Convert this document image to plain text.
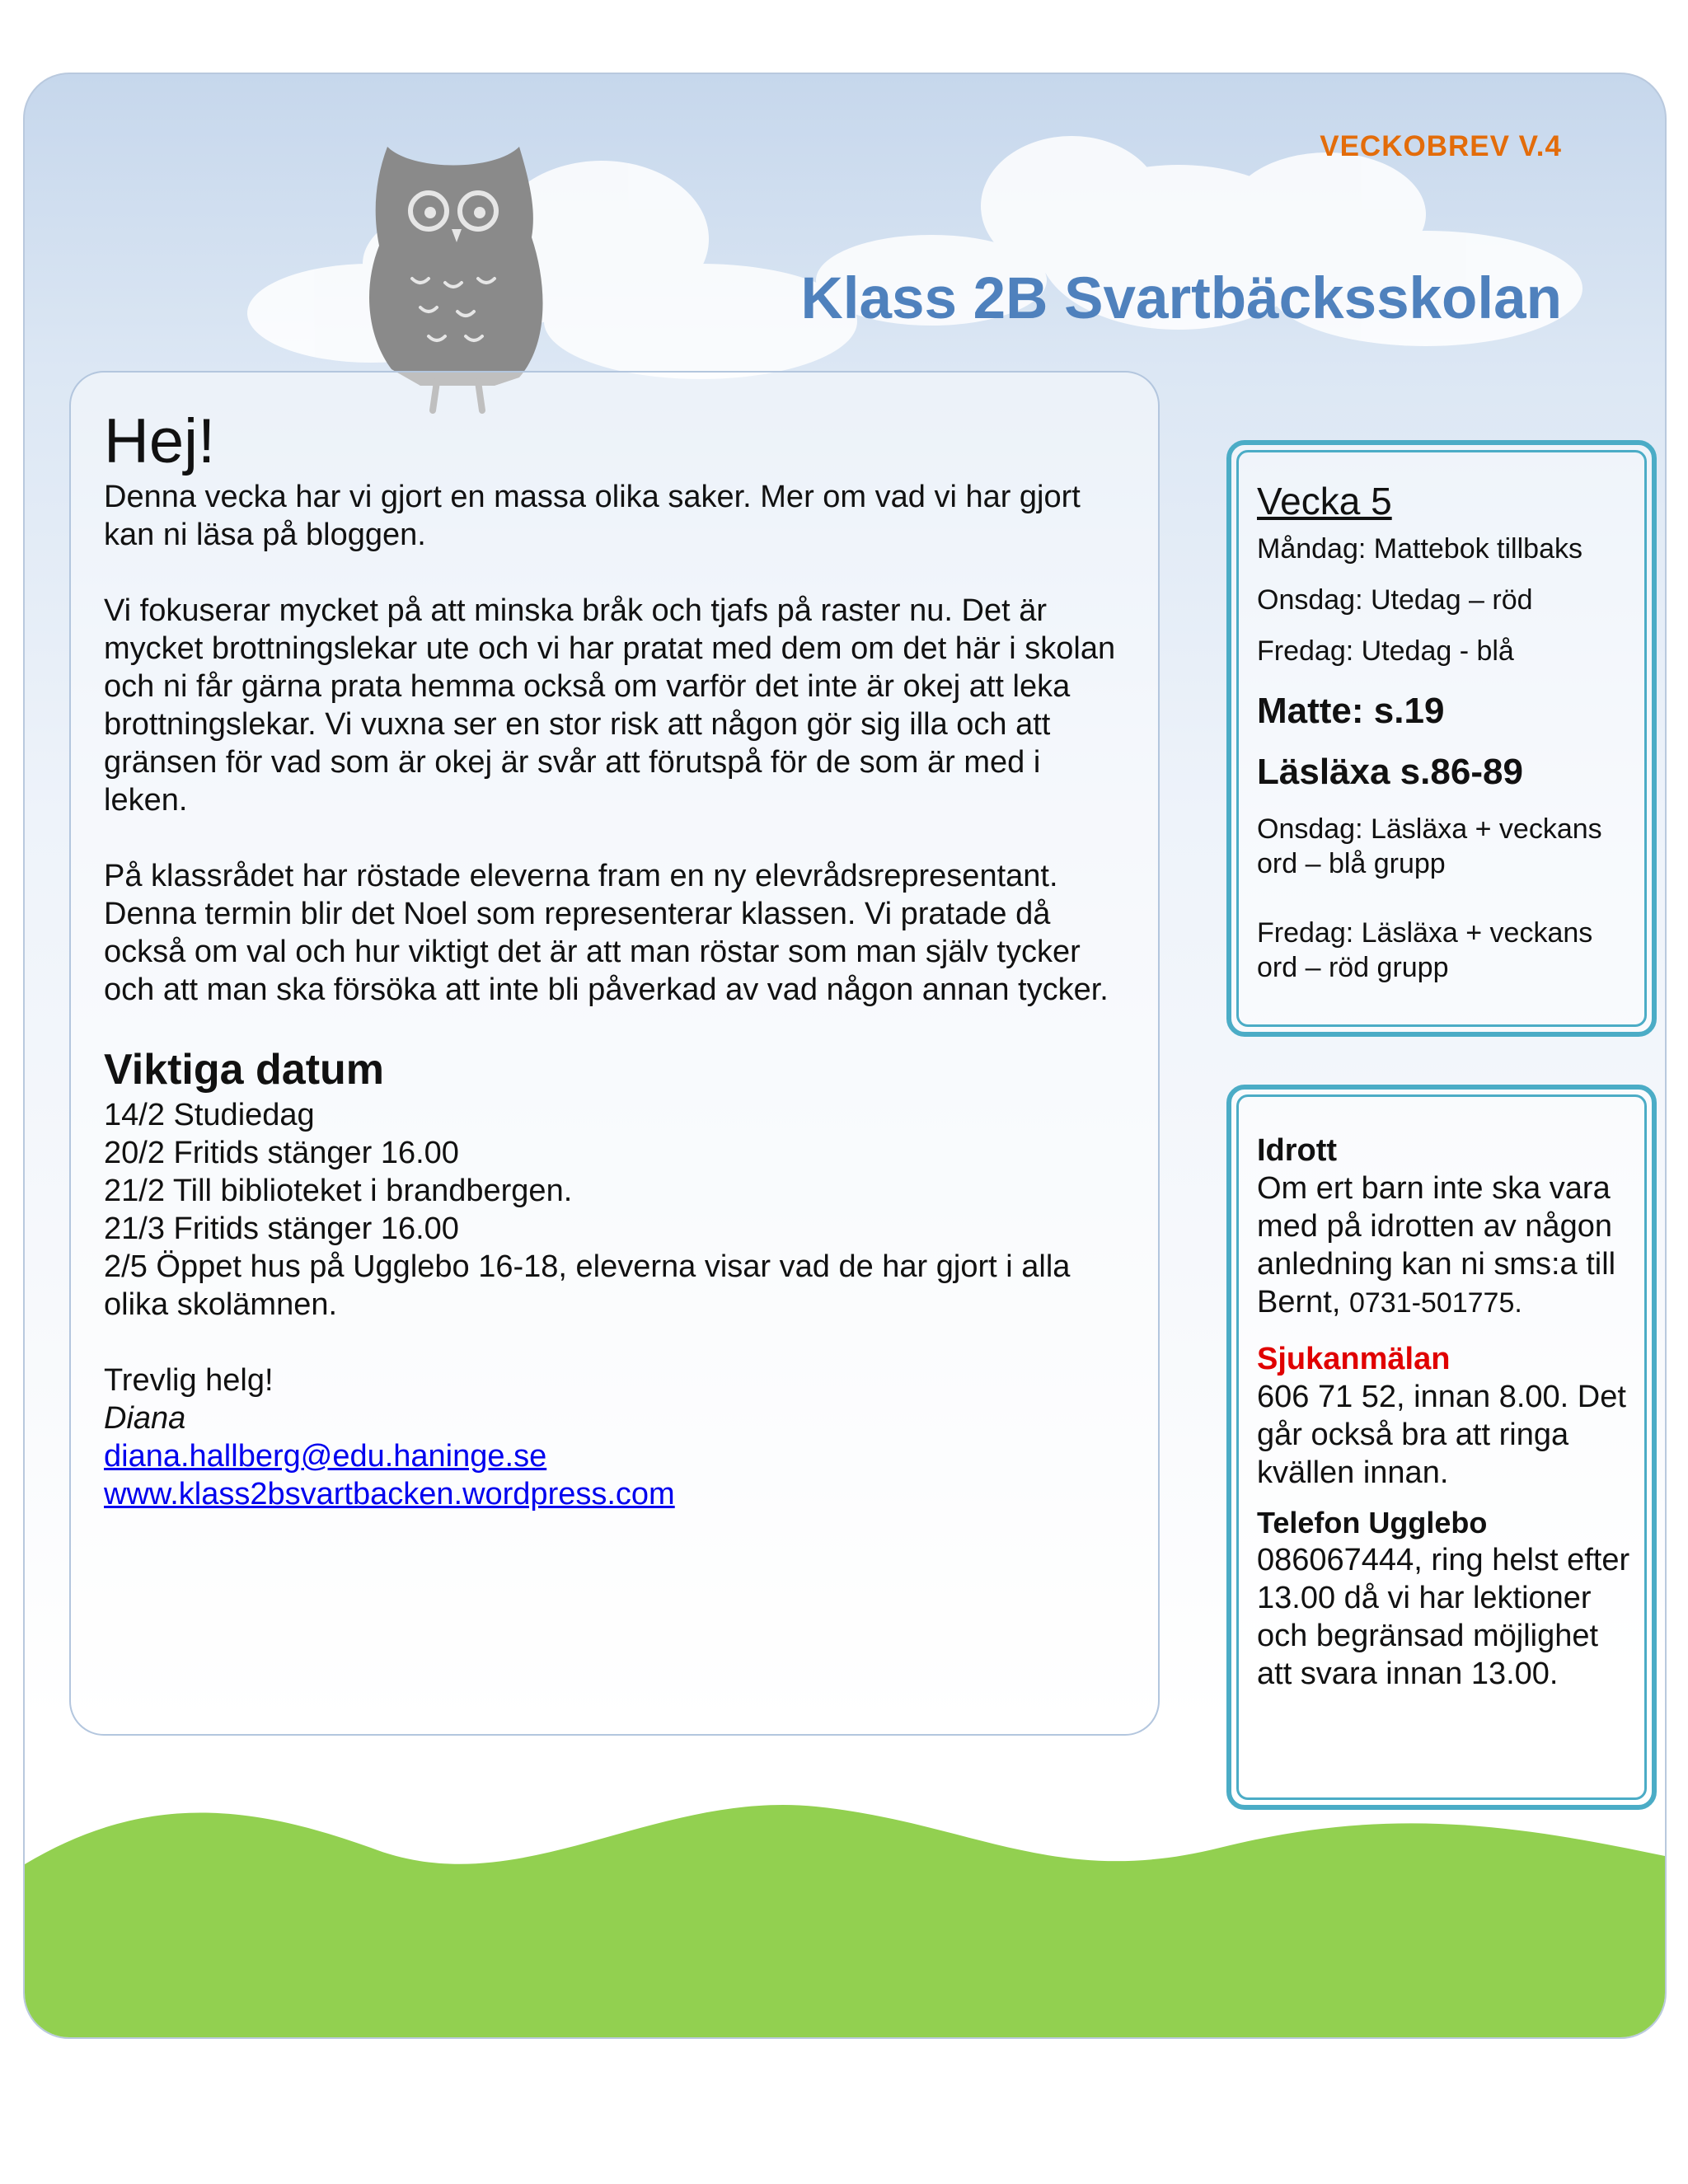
VECKOBREV V.4
Klass 2B Svartbäcksskolan
Hej!

Denna vecka har vi gjort en massa olika saker. Mer om vad vi har gjort kan ni läsa på bloggen.

Vi fokuserar mycket på att minska bråk och tjafs på raster nu. Det är mycket brottningslekar ute och vi har pratat med dem om det här i skolan och ni får gärna prata hemma också om varför det inte är okej att leka brottningslekar. Vi vuxna ser en stor risk att någon gör sig illa och att gränsen för vad som är okej är svår att förutspå för de som är med i leken.

På klassrådet har röstade eleverna fram en ny elevrådsrepresentant. Denna termin blir det Noel som representerar klassen. Vi pratade då också om val och hur viktigt det är att man röstar som man själv tycker och att man ska försöka att inte bli påverkad av vad någon annan tycker.

Viktiga datum
14/2 Studiedag
20/2 Fritids stänger 16.00
21/2 Till biblioteket i brandbergen.
21/3 Fritids stänger 16.00
2/5 Öppet hus på Ugglebo 16-18, eleverna visar vad de har gjort i alla olika skolämnen.
Trevlig helg!
Diana
diana.hallberg@edu.haninge.se
www.klass2bsvartbacken.wordpress.com
Vecka 5
Måndag: Mattebok tillbaks
Onsdag: Utedag – röd
Fredag: Utedag - blå
Matte: s.19
Läsläxa s.86-89
Onsdag: Läsläxa + veckans ord – blå grupp
Fredag: Läsläxa + veckans ord – röd grupp
Idrott
Om ert barn inte ska vara med på idrotten av någon anledning kan ni sms:a till Bernt, 0731-501775.
Sjukanmälan
606 71 52, innan 8.00. Det går också bra att ringa kvällen innan.
Telefon Ugglebo
086067444, ring helst efter 13.00 då vi har lektioner och begränsad möjlighet att svara innan 13.00.
